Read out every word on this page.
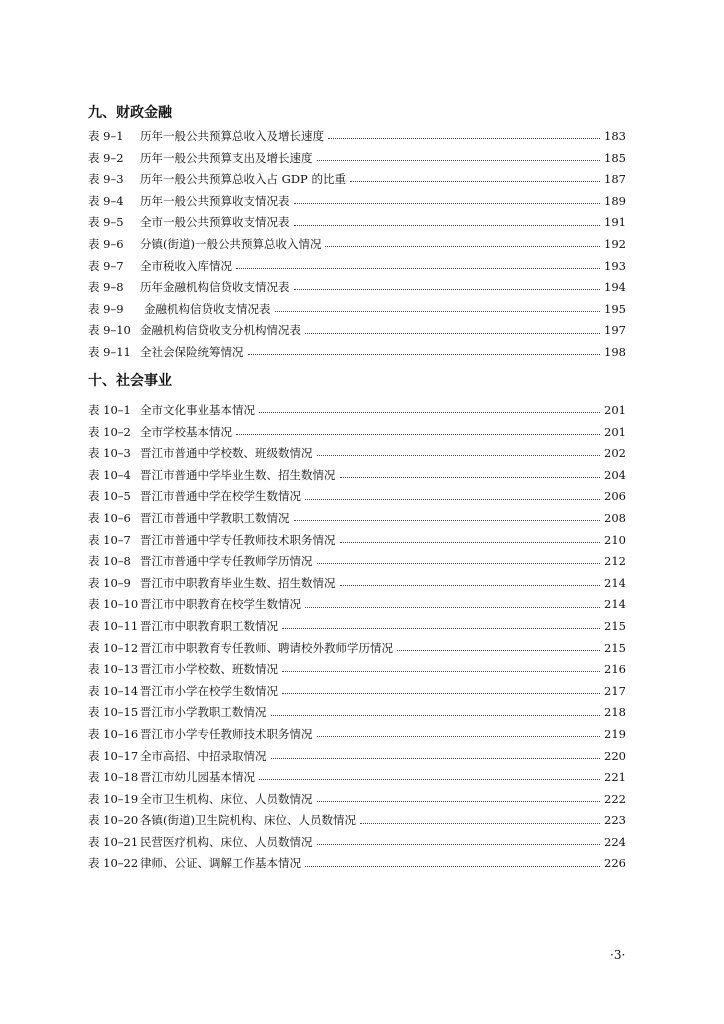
九、财政金融
表 9–1	历年一般公共预算总收入及增长速度	183
表 9–2	历年一般公共预算支出及增长速度	185
表 9–3	历年一般公共预算总收入占 GDP 的比重	187
表 9–4	历年一般公共预算收支情况表	189
表 9–5	全市一般公共预算收支情况表	191
表 9–6	分镇(街道)一般公共预算总收入情况	192
表 9–7	全市税收入库情况	193
表 9–8	历年金融机构信贷收支情况表	194
表 9–9	金融机构信贷收支情况表	195
表 9–10 金融机构信贷收支分机构情况表	197
表 9–11 全社会保险统筹情况	198
十、社会事业
表 10–1 全市文化事业基本情况	201
表 10–2 全市学校基本情况	201
表 10–3 晋江市普通中学校数、班级数情况	202
表 10–4 晋江市普通中学毕业生数、招生数情况	204
表 10–5 晋江市普通中学在校学生数情况	206
表 10–6 晋江市普通中学教职工数情况	208
表 10–7 晋江市普通中学专任教师技术职务情况	210
表 10–8 晋江市普通中学专任教师学历情况	212
表 10–9 晋江市中职教育毕业生数、招生数情况	214
表 10–10 晋江市中职教育在校学生数情况	214
表 10–11 晋江市中职教育职工数情况	215
表 10–12 晋江市中职教育专任教师、聘请校外教师学历情况	215
表 10–13 晋江市小学校数、班数情况	216
表 10–14 晋江市小学在校学生数情况	217
表 10–15 晋江市小学教职工数情况	218
表 10–16 晋江市小学专任教师技术职务情况	219
表 10–17 全市高招、中招录取情况	220
表 10–18 晋江市幼儿园基本情况	221
表 10–19 全市卫生机构、床位、人员数情况	222
表 10–20 各镇(街道)卫生院机构、床位、人员数情况	223
表 10–21 民营医疗机构、床位、人员数情况	224
表 10–22 律师、公证、调解工作基本情况	226
·3·
